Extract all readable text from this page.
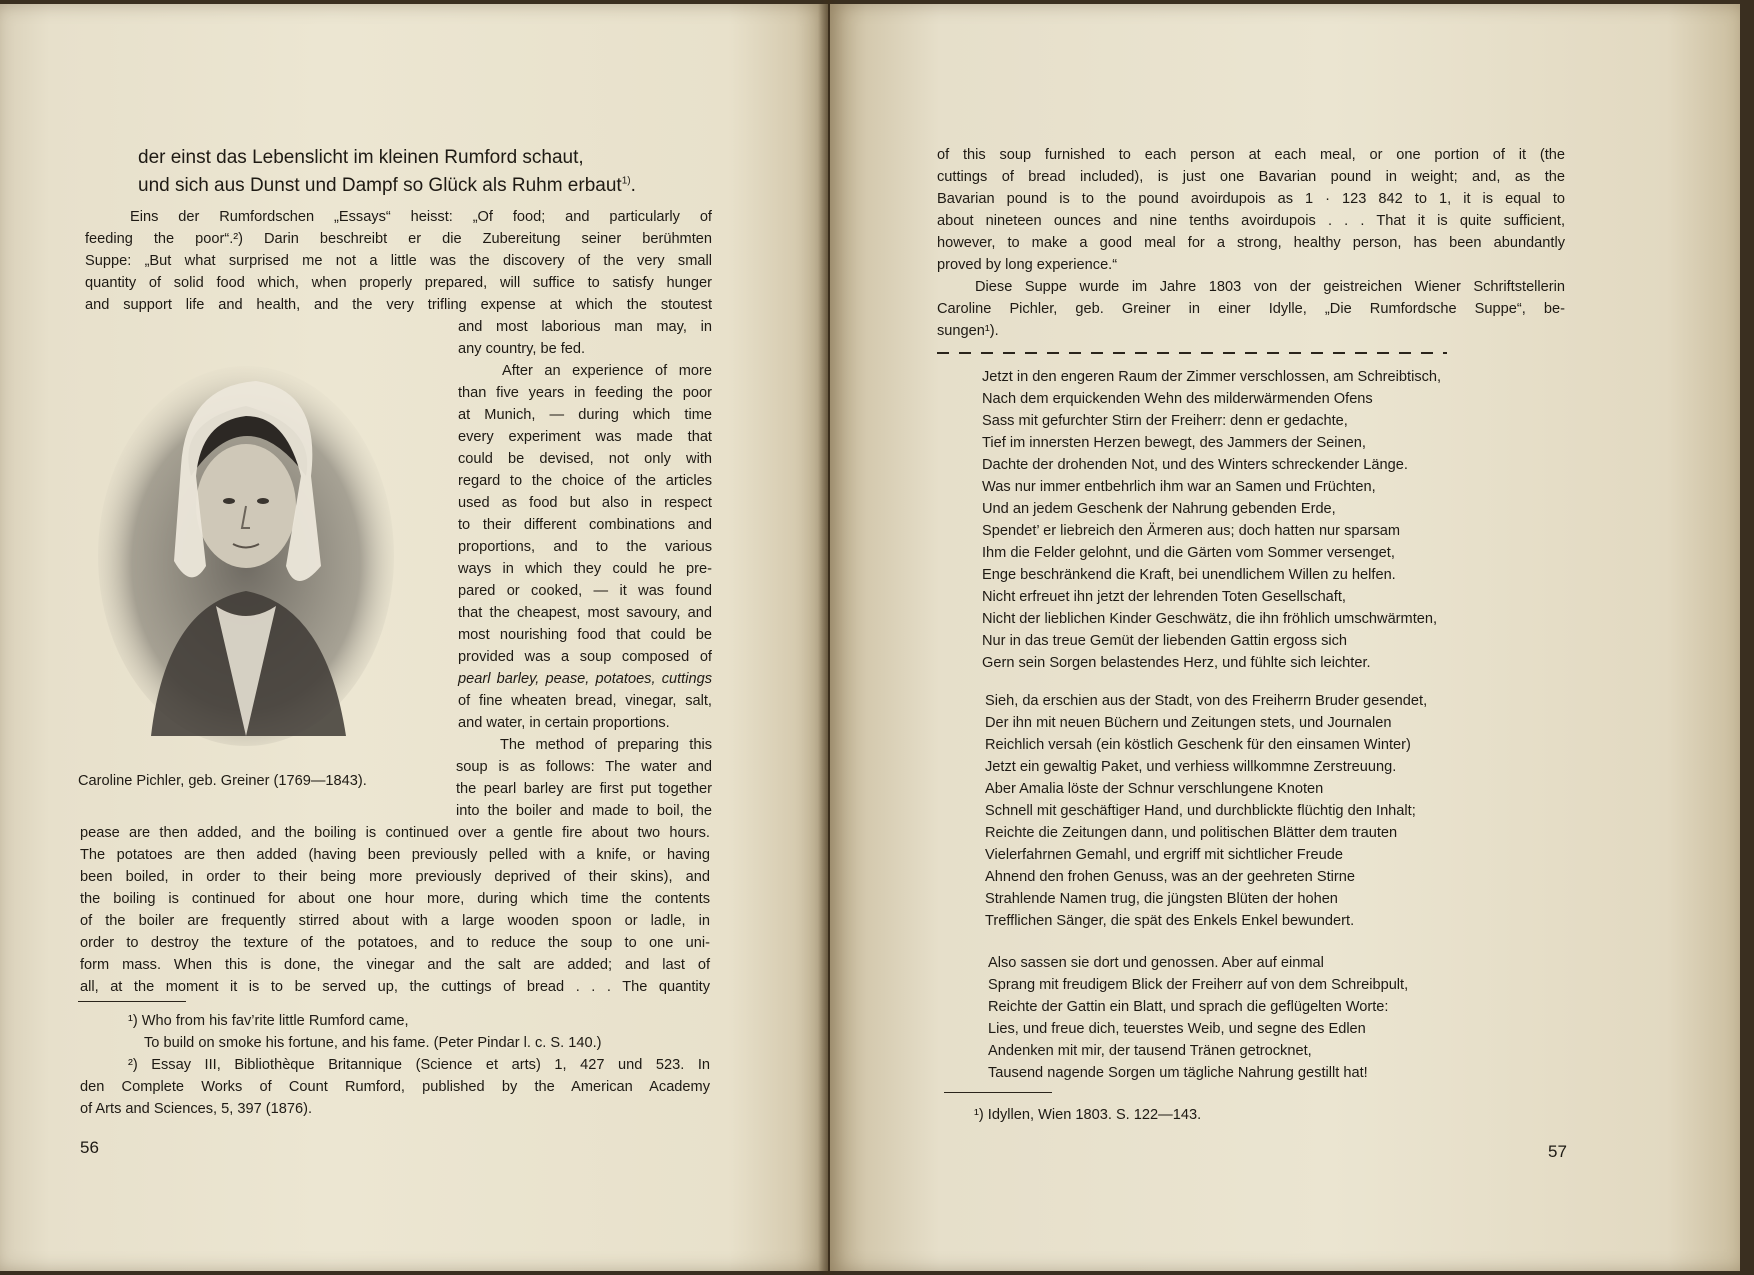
der einst das Lebenslicht im kleinen Rumford schaut,
und sich aus Dunst und Dampf so Glück als Ruhm erbaut$^{1)}$.
Eins der Rumfordschen „Essays“ heisst: „Of food; and particularly of
feeding the poor“.²) Darin beschreibt er die Zubereitung seiner berühmten
Suppe: „But what surprised me not a little was the discovery of the very small
quantity of solid food which, when properly prepared, will suffice to satisfy hunger
and support life and health, and the very trifling expense at which the stoutest
and most laborious man may, in
any country, be fed.
After an experience of more
than five years in feeding the poor
at Munich, — during which time
every experiment was made that
could be devised, not only with
regard to the choice of the articles
used as food but also in respect
to their different combinations and
proportions, and to the various
ways in which they could he pre-
pared or cooked, — it was found
that the cheapest, most savoury, and
most nourishing food that could be
provided was a soup composed of
pearl barley, pease, potatoes, cuttings
of fine wheaten bread, vinegar, salt,
and water, in certain proportions.
The method of preparing this
soup is as follows: The water and
the pearl barley are first put together
into the boiler and made to boil, the
pease are then added, and the boiling is continued over a gentle fire about two hours.
The potatoes are then added (having been previously pelled with a knife, or having
been boiled, in order to their being more previously deprived of their skins), and
the boiling is continued for about one hour more, during which time the contents
of the boiler are frequently stirred about with a large wooden spoon or ladle, in
order to destroy the texture of the potatoes, and to reduce the soup to one uni-
form mass. When this is done, the vinegar and the salt are added; and last of
all, at the moment it is to be served up, the cuttings of bread . . . The quantity
Caroline Pichler, geb. Greiner (1769—1843).
¹) Who from his fav’rite little Rumford came,
To build on smoke his fortune, and his fame. (Peter Pindar l. c. S. 140.)
²) Essay III, Bibliothèque Britannique (Science et arts) 1, 427 und 523. In
den Complete Works of Count Rumford, published by the American Academy
of Arts and Sciences, 5, 397 (1876).
56
of this soup furnished to each person at each meal, or one portion of it (the
cuttings of bread included), is just one Bavarian pound in weight; and, as the
Bavarian pound is to the pound avoirdupois as 1 · 123 842 to 1, it is equal to
about nineteen ounces and nine tenths avoirdupois . . . That it is quite sufficient,
however, to make a good meal for a strong, healthy person, has been abundantly
proved by long experience.“
Diese Suppe wurde im Jahre 1803 von der geistreichen Wiener Schriftstellerin
Caroline Pichler, geb. Greiner in einer Idylle, „Die Rumfordsche Suppe“, be-
sungen¹).
Jetzt in den engeren Raum der Zimmer verschlossen, am Schreibtisch,
Nach dem erquickenden Wehn des milderwärmenden Ofens
Sass mit gefurchter Stirn der Freiherr: denn er gedachte,
Tief im innersten Herzen bewegt, des Jammers der Seinen,
Dachte der drohenden Not, und des Winters schreckender Länge.
Was nur immer entbehrlich ihm war an Samen und Früchten,
Und an jedem Geschenk der Nahrung gebenden Erde,
Spendet’ er liebreich den Ärmeren aus; doch hatten nur sparsam
Ihm die Felder gelohnt, und die Gärten vom Sommer versenget,
Enge beschränkend die Kraft, bei unendlichem Willen zu helfen.
Nicht erfreuet ihn jetzt der lehrenden Toten Gesellschaft,
Nicht der lieblichen Kinder Geschwätz, die ihn fröhlich umschwärmten,
Nur in das treue Gemüt der liebenden Gattin ergoss sich
Gern sein Sorgen belastendes Herz, und fühlte sich leichter.
Sieh, da erschien aus der Stadt, von des Freiherrn Bruder gesendet,
Der ihn mit neuen Büchern und Zeitungen stets, und Journalen
Reichlich versah (ein köstlich Geschenk für den einsamen Winter)
Jetzt ein gewaltig Paket, und verhiess willkommne Zerstreuung.
Aber Amalia löste der Schnur verschlungene Knoten
Schnell mit geschäftiger Hand, und durchblickte flüchtig den Inhalt;
Reichte die Zeitungen dann, und politischen Blätter dem trauten
Vielerfahrnen Gemahl, und ergriff mit sichtlicher Freude
Ahnend den frohen Genuss, was an der geehreten Stirne
Strahlende Namen trug, die jüngsten Blüten der hohen
Trefflichen Sänger, die spät des Enkels Enkel bewundert.
Also sassen sie dort und genossen. Aber auf einmal
Sprang mit freudigem Blick der Freiherr auf von dem Schreibpult,
Reichte der Gattin ein Blatt, und sprach die geflügelten Worte:
Lies, und freue dich, teuerstes Weib, und segne des Edlen
Andenken mit mir, der tausend Tränen getrocknet,
Tausend nagende Sorgen um tägliche Nahrung gestillt hat!
¹) Idyllen, Wien 1803. S. 122—143.
57
